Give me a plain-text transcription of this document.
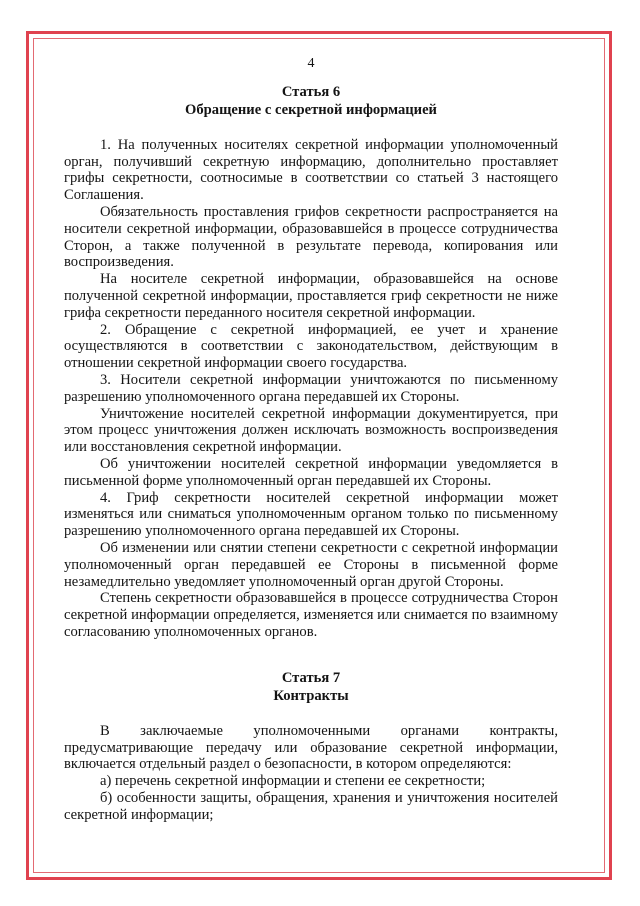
4

Статья 6

Обращение с секретной информацией

1. На полученных носителях секретной информации уполномоченный орган, получивший секретную информацию, дополнительно проставляет грифы секретности, соотносимые в соответствии со статьей 3 настоящего Соглашения.

Обязательность проставления грифов секретности распространяется на носители секретной информации, образовавшейся в процессе сотрудничества Сторон, а также полученной в результате перевода, копирования или воспроизведения.

На носителе секретной информации, образовавшейся на основе полученной секретной информации, проставляется гриф секретности не ниже грифа секретности переданного носителя секретной информации.

2. Обращение с секретной информацией, ее учет и хранение осуществляются в соответствии с законодательством, действующим в отношении секретной информации своего государства.

3. Носители секретной информации уничтожаются по письменному разрешению уполномоченного органа передавшей их Стороны.

Уничтожение носителей секретной информации документируется, при этом процесс уничтожения должен исключать возможность воспроизведения или восстановления секретной информации.

Об уничтожении носителей секретной информации уведомляется в письменной форме уполномоченный орган передавшей их Стороны.

4. Гриф секретности носителей секретной информации может изменяться или сниматься уполномоченным органом только по письменному разрешению уполномоченного органа передавшей их Стороны.

Об изменении или снятии степени секретности с секретной информации уполномоченный орган передавшей ее Стороны в письменной форме незамедлительно уведомляет уполномоченный орган другой Стороны.

Степень секретности образовавшейся в процессе сотрудничества Сторон секретной информации определяется, изменяется или снимается по взаимному согласованию уполномоченных органов.

Статья 7

Контракты

В заключаемые уполномоченными органами контракты, предусматривающие передачу или образование секретной информации, включается отдельный раздел о безопасности, в котором определяются:

а) перечень секретной информации и степени ее секретности;

б) особенности защиты, обращения, хранения и уничтожения носителей секретной информации;
